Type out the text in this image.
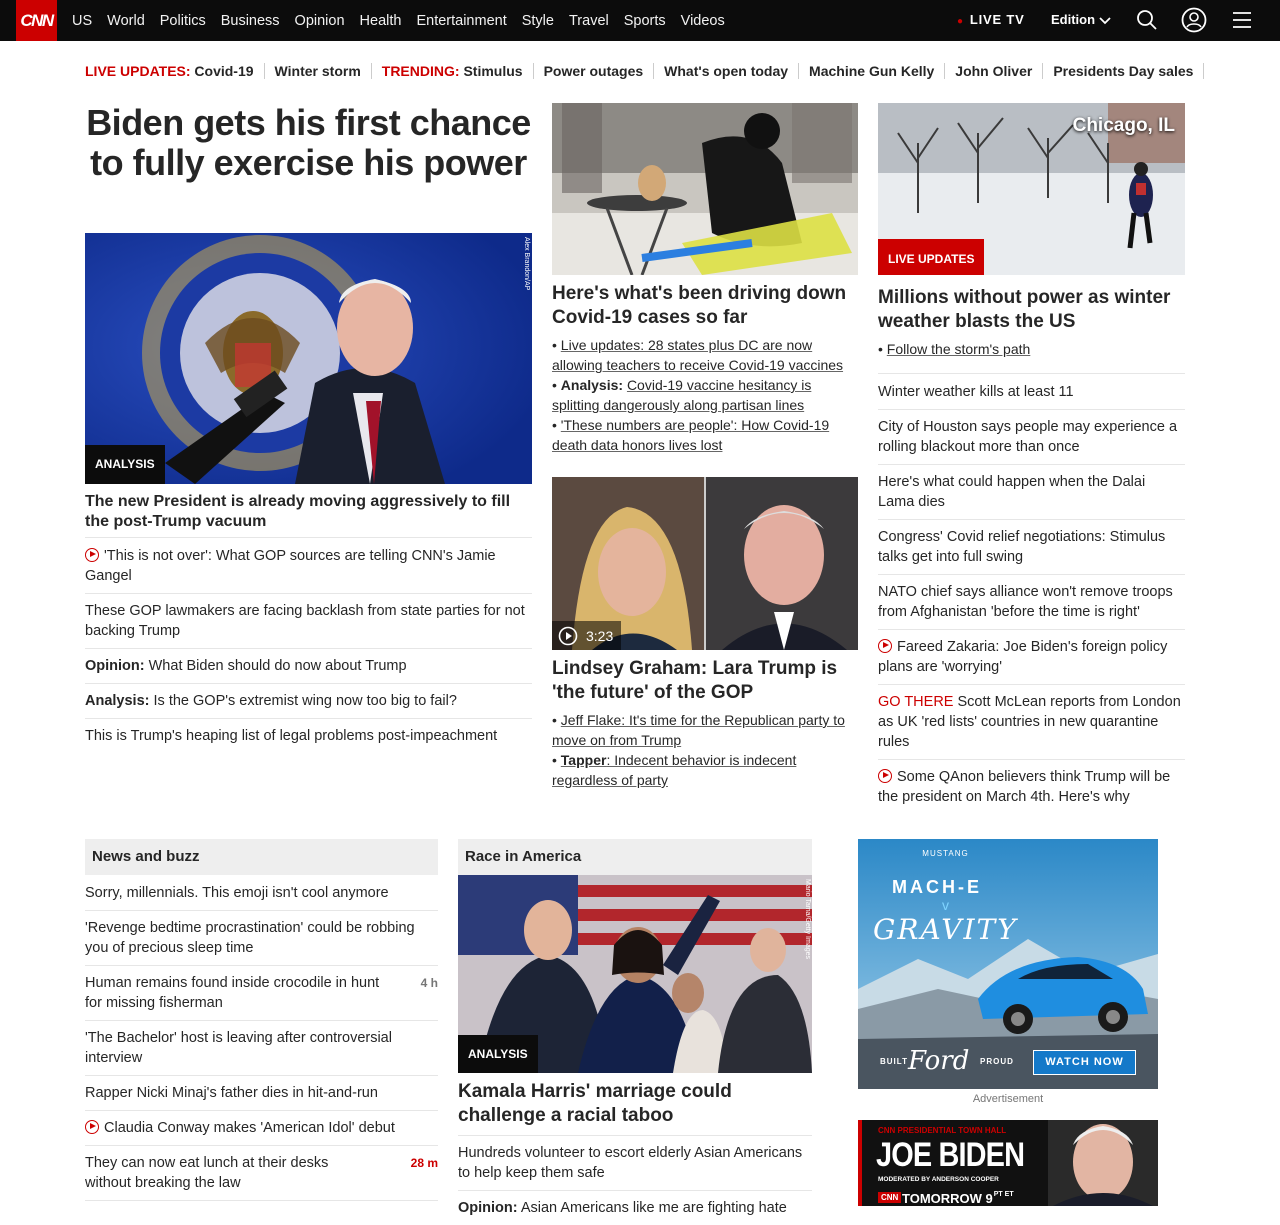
CNN US World Politics Business Opinion Health Entertainment Style Travel Sports Videos	● LIVE TV Edition
LIVE UPDATES: Covid-19	Winter storm	TRENDING: Stimulus	Power outages	What's open today	Machine Gun Kelly	John Oliver	Presidents Day sales
Biden gets his first chance to fully exercise his power
Alex Brandon/AP
ANALYSIS
The new President is already moving aggressively to fill the post-Trump vacuum
'This is not over': What GOP sources are telling CNN's Jamie Gangel
These GOP lawmakers are facing backlash from state parties for not backing Trump
Opinion: What Biden should do now about Trump
Analysis: Is the GOP's extremist wing now too big to fail?
This is Trump's heaping list of legal problems post-impeachment
Here's what's been driving down Covid-19 cases so far
• Live updates: 28 states plus DC are now allowing teachers to receive Covid-19 vaccines
• Analysis: Covid-19 vaccine hesitancy is splitting dangerously along partisan lines
• 'These numbers are people': How Covid-19 death data honors lives lost
3:23
Lindsey Graham: Lara Trump is 'the future' of the GOP
• Jeff Flake: It's time for the Republican party to move on from Trump
• Tapper: Indecent behavior is indecent regardless of party
Chicago, IL
LIVE UPDATES
Millions without power as winter weather blasts the US
• Follow the storm's path
Winter weather kills at least 11
City of Houston says people may experience a rolling blackout more than once
Here's what could happen when the Dalai Lama dies
Congress' Covid relief negotiations: Stimulus talks get into full swing
NATO chief says alliance won't remove troops from Afghanistan 'before the time is right'
Fareed Zakaria: Joe Biden's foreign policy plans are 'worrying'
GO THERE Scott McLean reports from London as UK 'red lists' countries in new quarantine rules
Some QAnon believers think Trump will be the president on March 4th. Here's why
News and buzz
Sorry, millennials. This emoji isn't cool anymore
'Revenge bedtime procrastination' could be robbing you of precious sleep time
Human remains found inside crocodile in hunt for missing fisherman
4 h
'The Bachelor' host is leaving after controversial interview
Rapper Nicki Minaj's father dies in hit-and-run
Claudia Conway makes 'American Idol' debut
They can now eat lunch at their desks without breaking the law
28 m
Race in America
Mario Tama/Getty Images
ANALYSIS
Kamala Harris' marriage could challenge a racial taboo
Hundreds volunteer to escort elderly Asian Americans to help keep them safe
Opinion: Asian Americans like me are fighting hate
MUSTANG
MACH-E
v
GRAVITY
BUILT Ford PROUD	WATCH NOW
Advertisement
CNN PRESIDENTIAL TOWN HALL
JOE BIDEN
MODERATED BY ANDERSON COOPER
CNN TOMORROW $9^{PT ET}$
